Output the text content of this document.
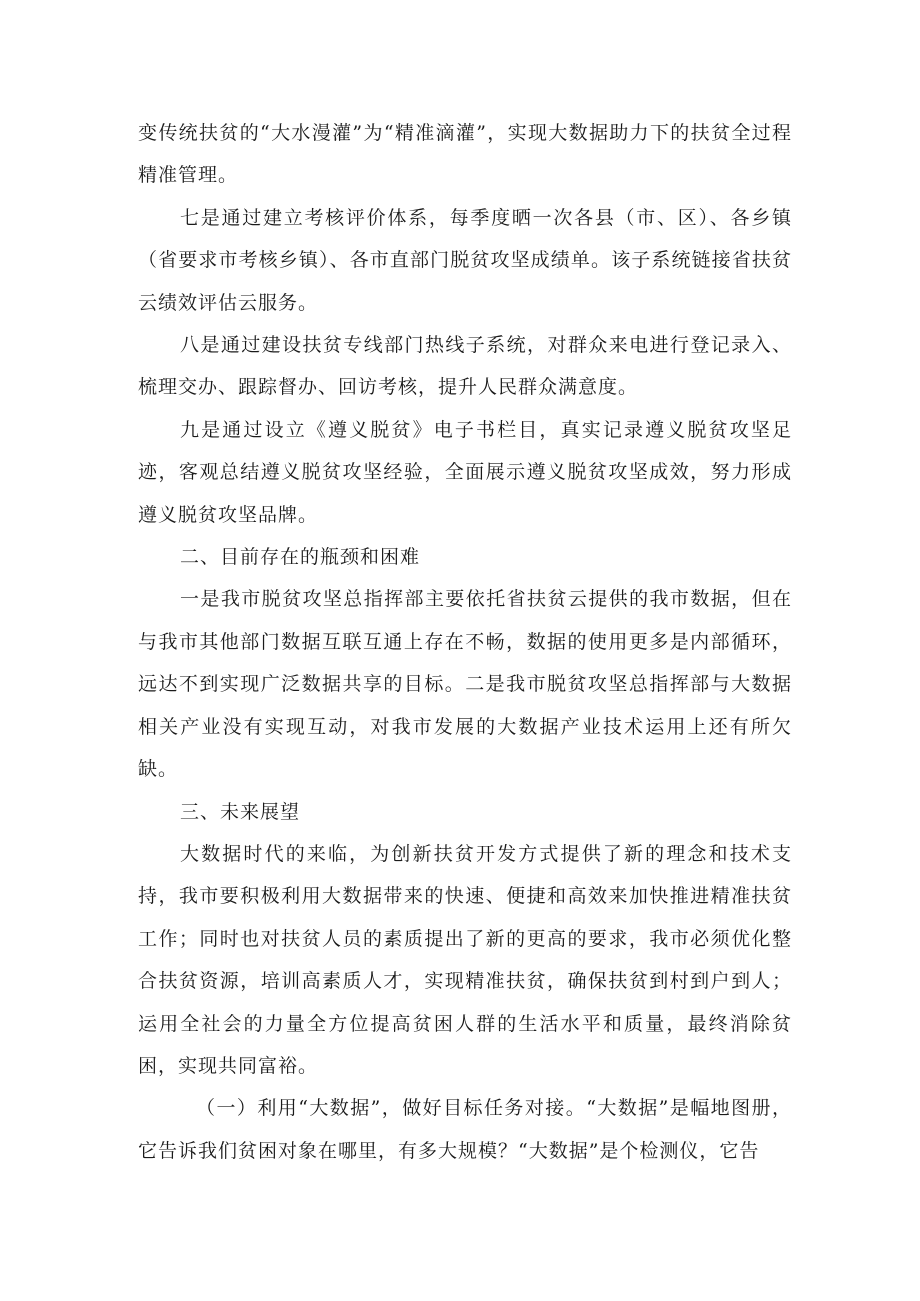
变传统扶贫的“大水漫灌”为“精准滴灌”，实现大数据助力下的扶贫全过程精准管理。

七是通过建立考核评价体系，每季度晒一次各县（市、区）、各乡镇（省要求市考核乡镇）、各市直部门脱贫攻坚成绩单。该子系统链接省扶贫云绩效评估云服务。

八是通过建设扶贫专线部门热线子系统，对群众来电进行登记录入、梳理交办、跟踪督办、回访考核，提升人民群众满意度。

九是通过设立《遵义脱贫》电子书栏目，真实记录遵义脱贫攻坚足迹，客观总结遵义脱贫攻坚经验，全面展示遵义脱贫攻坚成效，努力形成遵义脱贫攻坚品牌。

二、目前存在的瓶颈和困难

一是我市脱贫攻坚总指挥部主要依托省扶贫云提供的我市数据，但在与我市其他部门数据互联互通上存在不畅，数据的使用更多是内部循环，远达不到实现广泛数据共享的目标。二是我市脱贫攻坚总指挥部与大数据相关产业没有实现互动，对我市发展的大数据产业技术运用上还有所欠缺。

三、未来展望

大数据时代的来临，为创新扶贫开发方式提供了新的理念和技术支持，我市要积极利用大数据带来的快速、便捷和高效来加快推进精准扶贫工作；同时也对扶贫人员的素质提出了新的更高的要求，我市必须优化整合扶贫资源，培训高素质人才，实现精准扶贫，确保扶贫到村到户到人；运用全社会的力量全方位提高贫困人群的生活水平和质量，最终消除贫困，实现共同富裕。

（一）利用“大数据”，做好目标任务对接。“大数据”是幅地图册，它告诉我们贫困对象在哪里，有多大规模？“大数据”是个检测仪，它告
